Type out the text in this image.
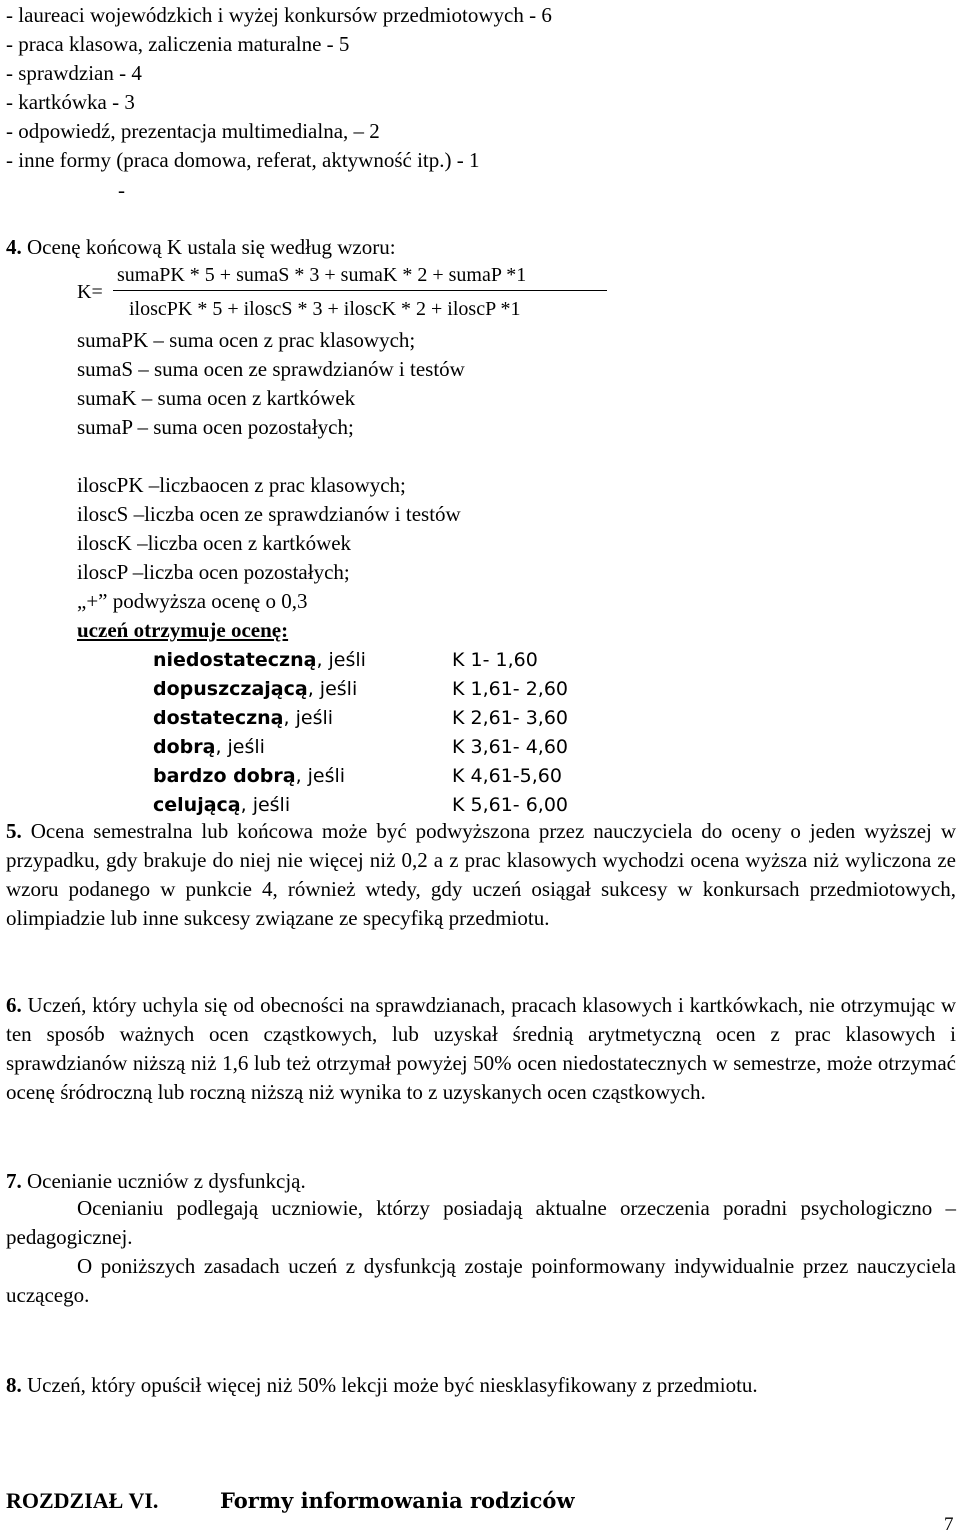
- laureaci wojewódzkich i wyżej konkursów przedmiotowych - 6
- praca klasowa, zaliczenia maturalne - 5
- sprawdzian - 4
- kartkówka - 3
- odpowiedź, prezentacja multimedialna, – 2
- inne formy (praca domowa, referat, aktywność itp.) - 1
-
4. Ocenę końcową K ustala się według wzoru:
K=
sumaPK * 5 + sumaS * 3 + sumaK * 2 + sumaP *1
iloscPK * 5 + iloscS * 3 + iloscK * 2 + iloscP *1
sumaPK – suma ocen z prac klasowych;
sumaS – suma ocen ze sprawdzianów i testów
sumaK – suma ocen z kartkówek
sumaP – suma ocen pozostałych;
iloscPK –liczbaocen z prac klasowych;
iloscS –liczba ocen ze sprawdzianów i testów
iloscK –liczba ocen z kartkówek
iloscP –liczba ocen pozostałych;
„+” podwyższa ocenę o 0,3
uczeń otrzymuje ocenę:
niedostateczną, jeśli	K 1- 1,60
dopuszczającą, jeśli	K 1,61- 2,60
dostateczną, jeśli	K 2,61- 3,60
dobrą, jeśli	K 3,61- 4,60
bardzo dobrą, jeśli	K 4,61-5,60
celującą, jeśli	K 5,61- 6,00
5. Ocena semestralna lub końcowa może być podwyższona przez nauczyciela do oceny o jeden wyższej w przypadku, gdy brakuje do niej nie więcej niż 0,2 a z prac klasowych wychodzi ocena wyższa niż wyliczona ze wzoru podanego w punkcie 4, również wtedy, gdy uczeń osiągał sukcesy w konkursach przedmiotowych, olimpiadzie lub inne sukcesy związane ze specyfiką przedmiotu.
6. Uczeń, który uchyla się od obecności na sprawdzianach, pracach klasowych i kartkówkach, nie otrzymując w ten sposób ważnych ocen cząstkowych, lub uzyskał średnią arytmetyczną ocen z prac klasowych i sprawdzianów niższą niż 1,6 lub też otrzymał powyżej 50% ocen niedostatecznych w semestrze, może otrzymać ocenę śródroczną lub roczną niższą niż wynika to z uzyskanych ocen cząstkowych.
7. Ocenianie uczniów z dysfunkcją.
Ocenianiu podlegają uczniowie, którzy posiadają aktualne orzeczenia poradni psychologiczno – pedagogicznej.
O poniższych zasadach uczeń z dysfunkcją zostaje poinformowany indywidualnie przez nauczyciela uczącego.
8. Uczeń, który opuścił więcej niż 50% lekcji może być niesklasyfikowany z przedmiotu.
ROZDZIAŁ VI.	Formy informowania rodziców
7
